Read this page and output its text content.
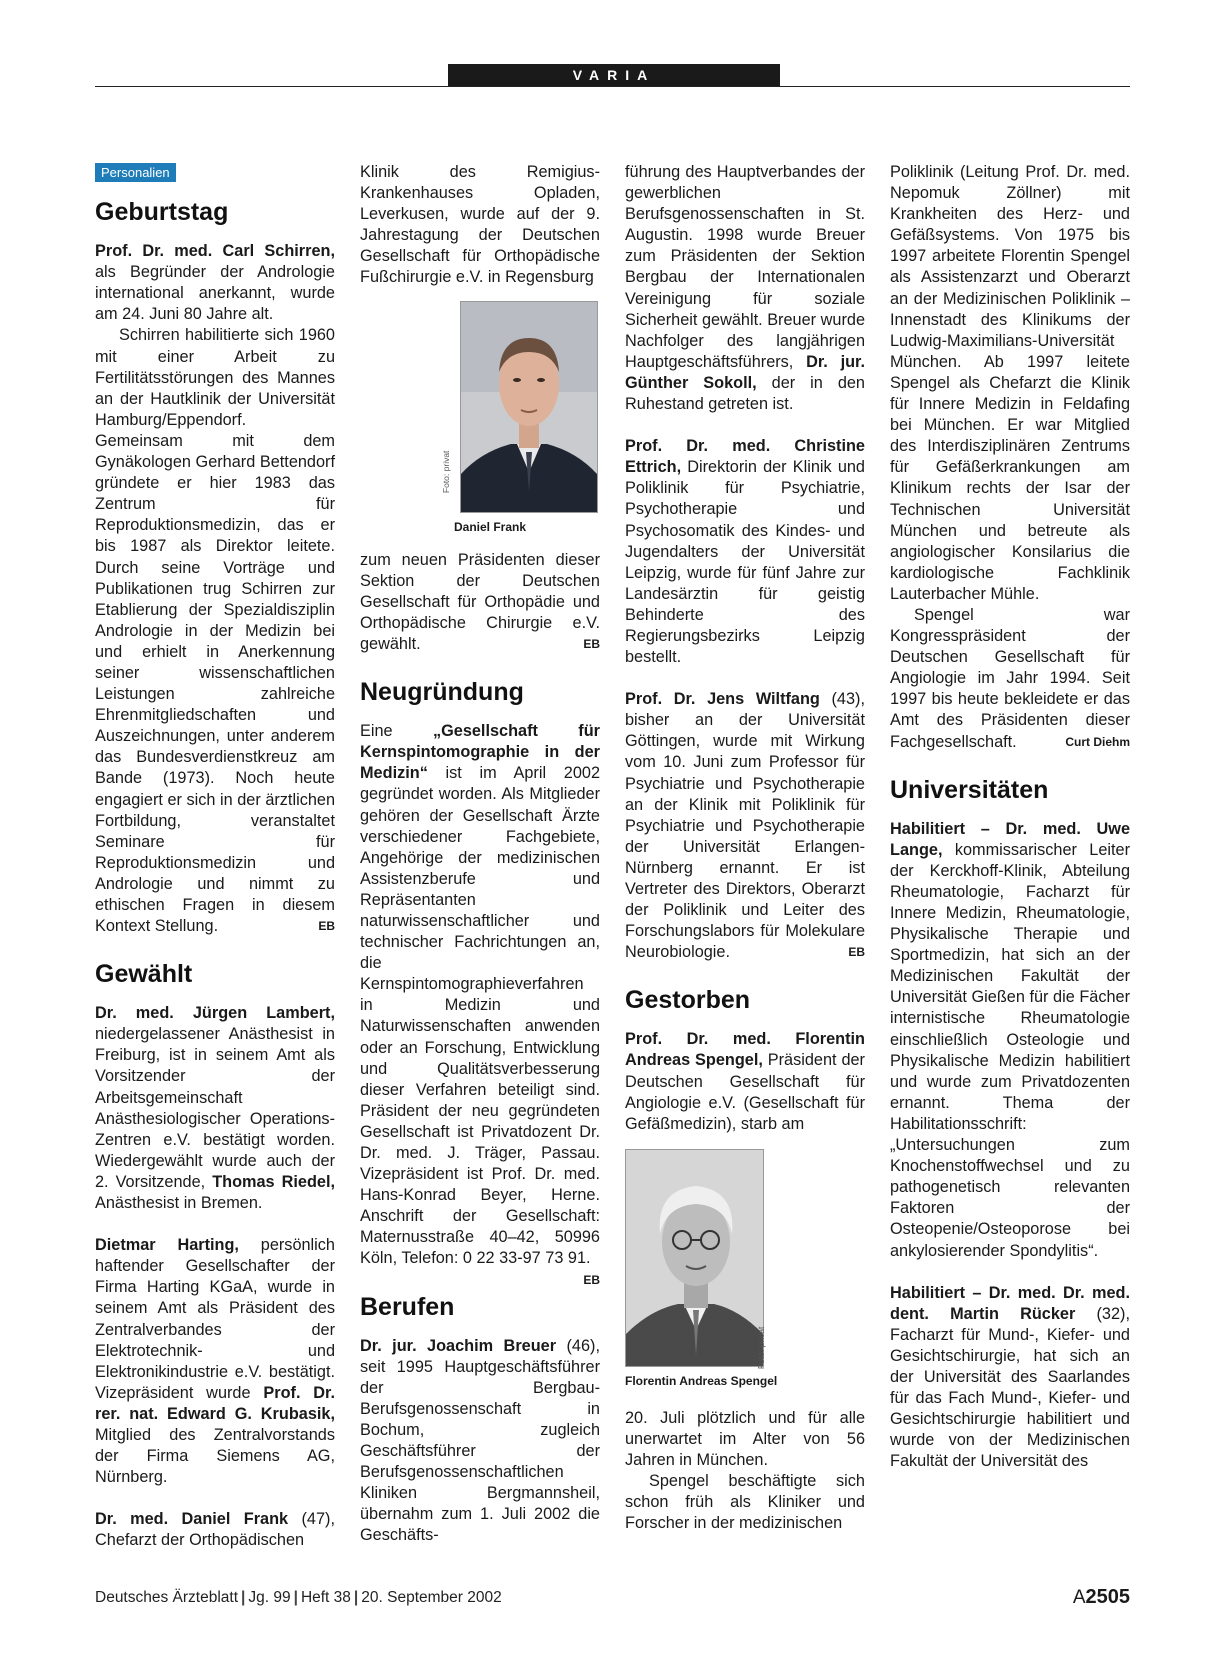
VARIA
Personalien
Geburtstag

Prof. Dr. med. Carl Schirren, als Begründer der Andrologie international anerkannt, wurde am 24. Juni 80 Jahre alt.

Schirren habilitierte sich 1960 mit einer Arbeit zu Fertilitätsstörungen des Mannes an der Hautklinik der Universität Hamburg/Eppendorf. Gemeinsam mit dem Gynäkologen Gerhard Bettendorf gründete er hier 1983 das Zentrum für Reproduktionsmedizin, das er bis 1987 als Direktor leitete. Durch seine Vorträge und Publikationen trug Schirren zur Etablierung der Spezialdisziplin Andrologie in der Medizin bei und erhielt in Anerkennung seiner wissenschaftlichen Leistungen zahlreiche Ehrenmitgliedschaften und Auszeichnungen, unter anderem das Bundesverdienstkreuz am Bande (1973). Noch heute engagiert er sich in der ärztlichen Fortbildung, veranstaltet Seminare für Reproduktionsmedizin und Andrologie und nimmt zu ethischen Fragen in diesem Kontext Stellung.	EB

Gewählt

Dr. med. Jürgen Lambert, niedergelassener Anästhesist in Freiburg, ist in seinem Amt als Vorsitzender der Arbeitsgemeinschaft Anästhesiologischer Operations-Zentren e.V. bestätigt worden. Wiedergewählt wurde auch der 2. Vorsitzende, Thomas Riedel, Anästhesist in Bremen.

Dietmar Harting, persönlich haftender Gesellschafter der Firma Harting KGaA, wurde in seinem Amt als Präsident des Zentralverbandes der Elektrotechnik- und Elektronikindustrie e.V. bestätigt. Vizepräsident wurde Prof. Dr. rer. nat. Edward G. Krubasik, Mitglied des Zentralvorstands der Firma Siemens AG, Nürnberg.

Dr. med. Daniel Frank (47), Chefarzt der Orthopädischen

Klinik des Remigius-Krankenhauses Opladen, Leverkusen, wurde auf der 9. Jahrestagung der Deutschen Gesellschaft für Orthopädische Fußchirurgie e.V. in Regensburg

Foto: privat
Daniel Frank

zum neuen Präsidenten dieser Sektion der Deutschen Gesellschaft für Orthopädie und Orthopädische Chirurgie e.V. gewählt.	EB

Neugründung

Eine „Gesellschaft für Kernspintomographie in der Medizin“ ist im April 2002 gegründet worden. Als Mitglieder gehören der Gesellschaft Ärzte verschiedener Fachgebiete, Angehörige der medizinischen Assistenzberufe und Repräsentanten naturwissenschaftlicher und technischer Fachrichtungen an, die Kernspintomographieverfahren in Medizin und Naturwissenschaften anwenden oder an Forschung, Entwicklung und Qualitätsverbesserung dieser Verfahren beteiligt sind. Präsident der neu gegründeten Gesellschaft ist Privatdozent Dr. Dr. med. J. Träger, Passau. Vizepräsident ist Prof. Dr. med. Hans-Konrad Beyer, Herne. Anschrift der Gesellschaft: Maternusstraße 40–42, 50996 Köln, Telefon: 0 22 33-97 73 91.
EB

Berufen

Dr. jur. Joachim Breuer (46), seit 1995 Hauptgeschäftsführer der Bergbau-Berufsgenossenschaft in Bochum, zugleich Geschäftsführer der Berufsgenossenschaftlichen Kliniken Bergmannsheil, übernahm zum 1. Juli 2002 die Geschäfts-

führung des Hauptverbandes der gewerblichen Berufsgenossenschaften in St. Augustin. 1998 wurde Breuer zum Präsidenten der Sektion Bergbau der Internationalen Vereinigung für soziale Sicherheit gewählt. Breuer wurde Nachfolger des langjährigen Hauptgeschäftsführers, Dr. jur. Günther Sokoll, der in den Ruhestand getreten ist.

Prof. Dr. med. Christine Ettrich, Direktorin der Klinik und Poliklinik für Psychiatrie, Psychotherapie und Psychosomatik des Kindes- und Jugendalters der Universität Leipzig, wurde für fünf Jahre zur Landesärztin für geistig Behinderte des Regierungsbezirks Leipzig bestellt.

Prof. Dr. Jens Wiltfang (43), bisher an der Universität Göttingen, wurde mit Wirkung vom 10. Juni zum Professor für Psychiatrie und Psychotherapie an der Klinik mit Poliklinik für Psychiatrie und Psychotherapie der Universität Erlangen-Nürnberg ernannt. Er ist Vertreter des Direktors, Oberarzt der Poliklinik und Leiter des Forschungslabors für Molekulare Neurobiologie.	EB

Gestorben

Prof. Dr. med. Florentin Andreas Spengel, Präsident der Deutschen Gesellschaft für Angiologie e.V. (Gesellschaft für Gefäßmedizin), starb am

Foto: privat
Florentin Andreas Spengel

20. Juli plötzlich und für alle unerwartet im Alter von 56 Jahren in München.

Spengel beschäftigte sich schon früh als Kliniker und Forscher in der medizinischen

Poliklinik (Leitung Prof. Dr. med. Nepomuk Zöllner) mit Krankheiten des Herz- und Gefäßsystems. Von 1975 bis 1997 arbeitete Florentin Spengel als Assistenzarzt und Oberarzt an der Medizinischen Poliklinik – Innenstadt des Klinikums der Ludwig-Maximilians-Universität München. Ab 1997 leitete Spengel als Chefarzt die Klinik für Innere Medizin in Feldafing bei München. Er war Mitglied des Interdisziplinären Zentrums für Gefäßerkrankungen am Klinikum rechts der Isar der Technischen Universität München und betreute als angiologischer Konsilarius die kardiologische Fachklinik Lauterbacher Mühle.

Spengel war Kongresspräsident der Deutschen Gesellschaft für Angiologie im Jahr 1994. Seit 1997 bis heute bekleidete er das Amt des Präsidenten dieser Fachgesellschaft.	Curt Diehm

Universitäten

Habilitiert – Dr. med. Uwe Lange, kommissarischer Leiter der Kerckhoff-Klinik, Abteilung Rheumatologie, Facharzt für Innere Medizin, Rheumatologie, Physikalische Therapie und Sportmedizin, hat sich an der Medizinischen Fakultät der Universität Gießen für die Fächer internistische Rheumatologie einschließlich Osteologie und Physikalische Medizin habilitiert und wurde zum Privatdozenten ernannt. Thema der Habilitationsschrift: „Untersuchungen zum Knochenstoffwechsel und zu pathogenetisch relevanten Faktoren der Osteopenie/Osteoporose bei ankylosierender Spondylitis“.

Habilitiert – Dr. med. Dr. med. dent. Martin Rücker (32), Facharzt für Mund-, Kiefer- und Gesichtschirurgie, hat sich an der Universität des Saarlandes für das Fach Mund-, Kiefer- und Gesichtschirurgie habilitiert und wurde von der Medizinischen Fakultät der Universität des

Deutsches Ärzteblatt | Jg. 99 | Heft 38 | 20. September 2002	A2505
